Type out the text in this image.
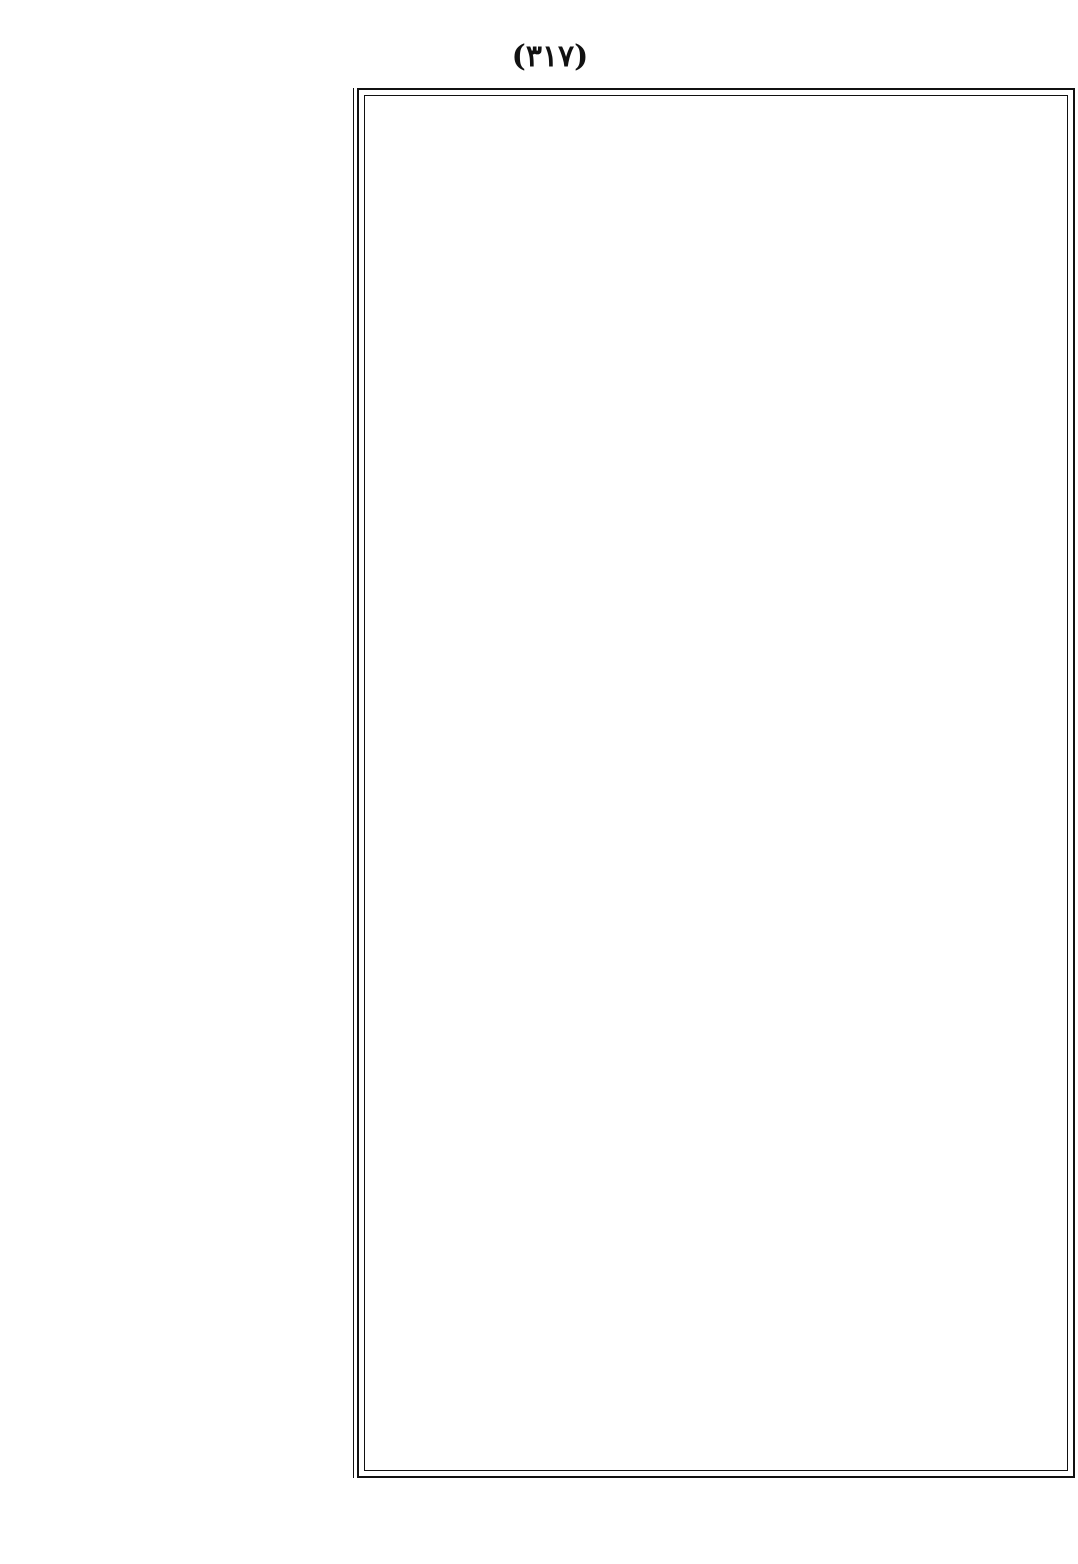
(٣١٧)
